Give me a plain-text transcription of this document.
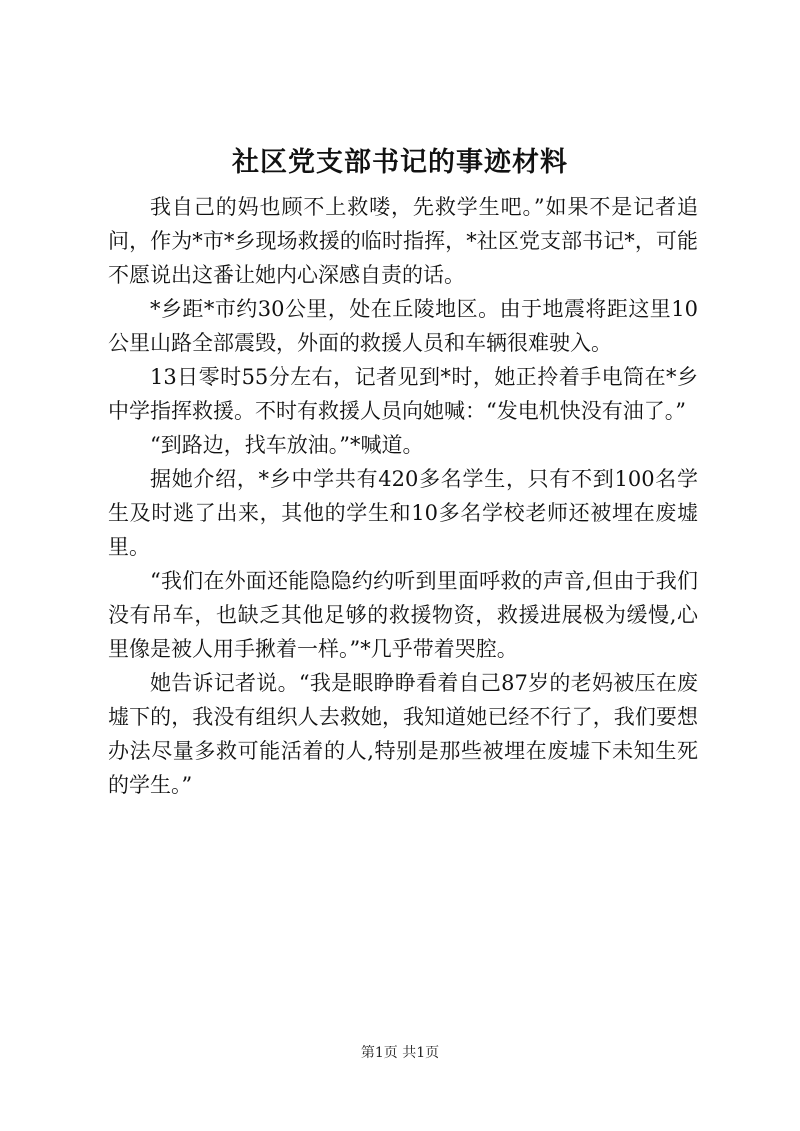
社区党支部书记的事迹材料

我自己的妈也顾不上救喽，先救学生吧。”如果不是记者追问，作为*市*乡现场救援的临时指挥，*社区党支部书记*，可能不愿说出这番让她内心深感自责的话。

*乡距*市约30公里，处在丘陵地区。由于地震将距这里10公里山路全部震毁，外面的救援人员和车辆很难驶入。

13日零时55分左右，记者见到*时，她正拎着手电筒在*乡中学指挥救援。不时有救援人员向她喊：“发电机快没有油了。”

“到路边，找车放油。”*喊道。

据她介绍，*乡中学共有420多名学生，只有不到100名学生及时逃了出来，其他的学生和10多名学校老师还被埋在废墟里。

“我们在外面还能隐隐约约听到里面呼救的声音,但由于我们没有吊车，也缺乏其他足够的救援物资，救援进展极为缓慢,心里像是被人用手揪着一样。”*几乎带着哭腔。

她告诉记者说。“我是眼睁睁看着自己87岁的老妈被压在废墟下的，我没有组织人去救她，我知道她已经不行了，我们要想办法尽量多救可能活着的人,特别是那些被埋在废墟下未知生死的学生。”

第1页 共1页
